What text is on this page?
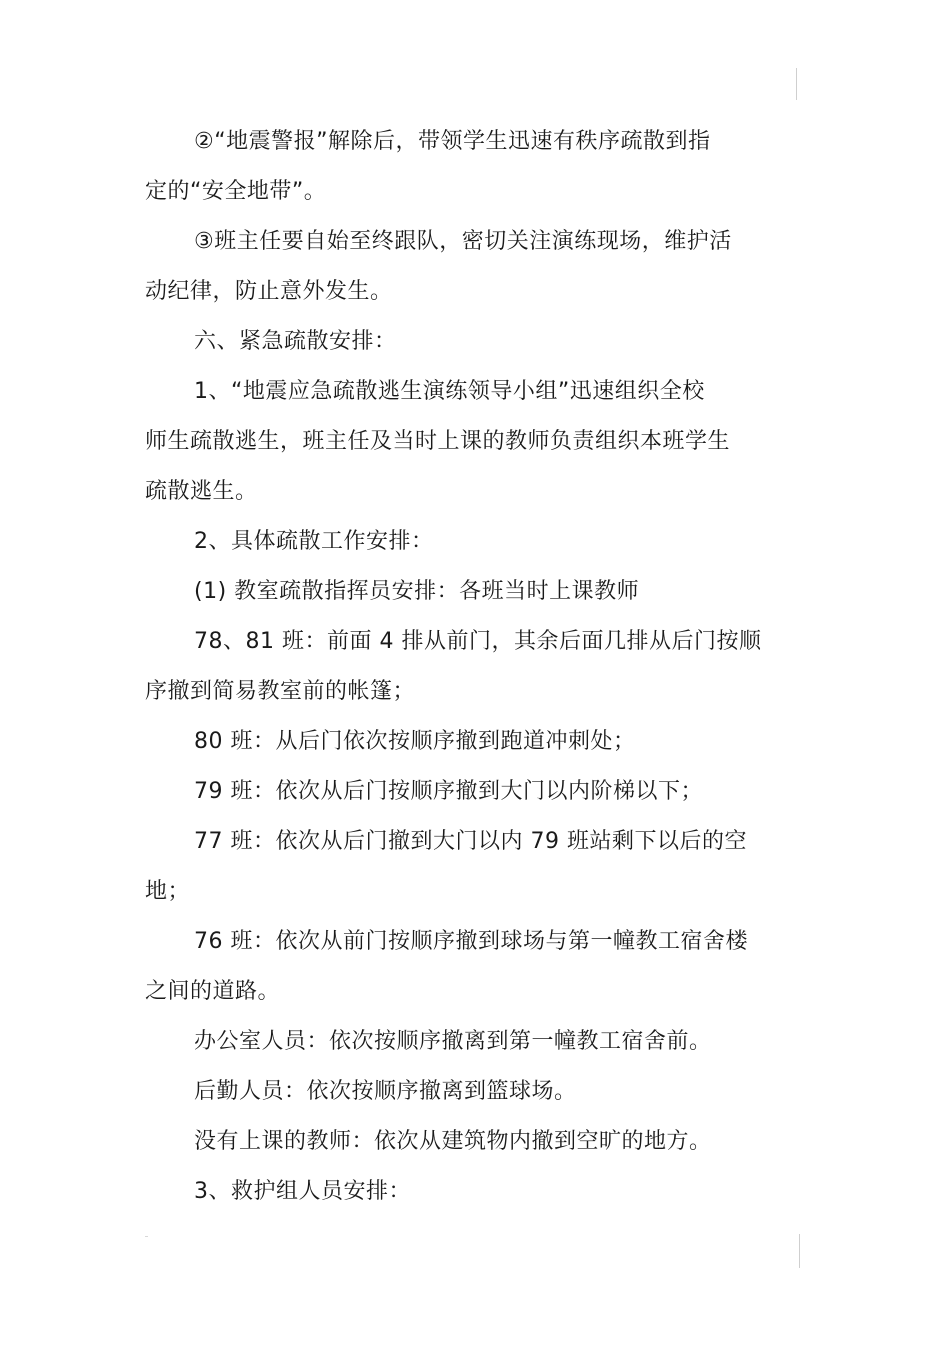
②“地震警报”解除后，带领学生迅速有秩序疏散到指
定的“安全地带”。
③班主任要自始至终跟队，密切关注演练现场，维护活
动纪律，防止意外发生。
六、紧急疏散安排：
1、“地震应急疏散逃生演练领导小组”迅速组织全校
师生疏散逃生，班主任及当时上课的教师负责组织本班学生
疏散逃生。
2、具体疏散工作安排：
(1) 教室疏散指挥员安排：各班当时上课教师
78、81 班：前面 4 排从前门，其余后面几排从后门按顺
序撤到简易教室前的帐篷；
80 班：从后门依次按顺序撤到跑道冲刺处；
79 班：依次从后门按顺序撤到大门以内阶梯以下；
77 班：依次从后门撤到大门以内 79 班站剩下以后的空
地；
76 班：依次从前门按顺序撤到球场与第一幢教工宿舍楼
之间的道路。
办公室人员：依次按顺序撤离到第一幢教工宿舍前。
后勤人员：依次按顺序撤离到篮球场。
没有上课的教师：依次从建筑物内撤到空旷的地方。
3、救护组人员安排：
